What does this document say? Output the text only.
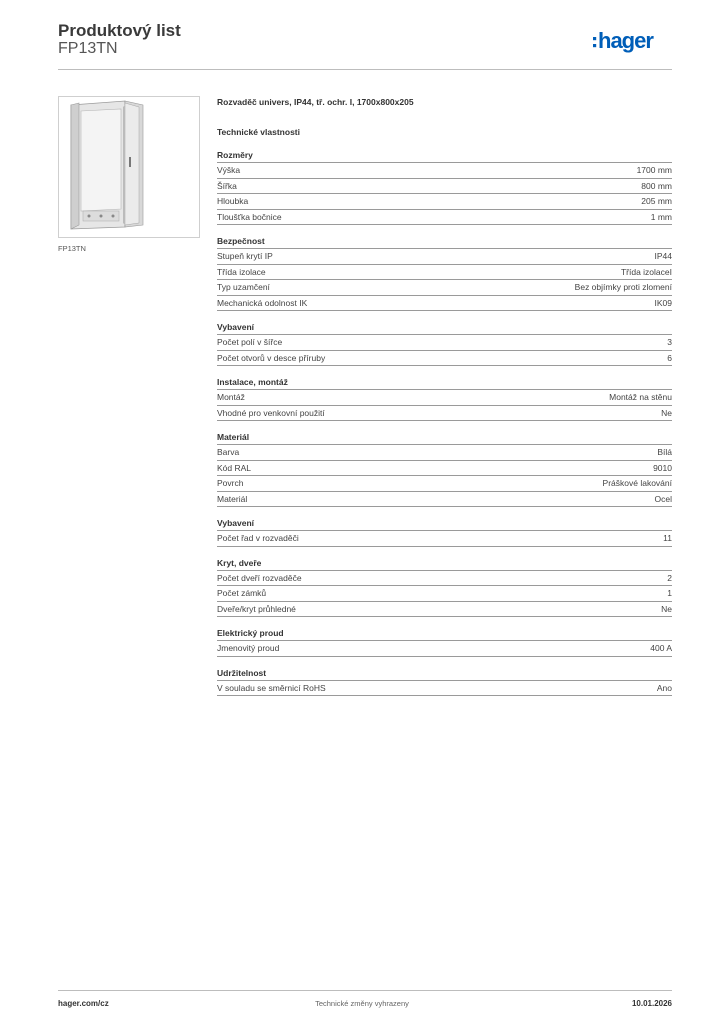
Produktový list
FP13TN	hager
FP13TN
Rozvaděč univers, IP44, tř. ochr. I, 1700x800x205
Technické vlastnosti
Rozměry
Výška	1700 mm
Šířka	800 mm
Hloubka	205 mm
Tloušťka bočnice	1 mm
Bezpečnost
Stupeň krytí IP	IP44
Třída izolace	Třída izolaceI
Typ uzamčení	Bez objímky proti zlomení
Mechanická odolnost IK	IK09
Vybavení
Počet polí v šířce	3
Počet otvorů v desce příruby	6
Instalace, montáž
Montáž	Montáž na stěnu
Vhodné pro venkovní použití	Ne
Materiál
Barva	Bílá
Kód RAL	9010
Povrch	Práškové lakování
Materiál	Ocel
Vybavení
Počet řad v rozvaděči	11
Kryt, dveře
Počet dveří rozvaděče	2
Počet zámků	1
Dveře/kryt průhledné	Ne
Elektrický proud
Jmenovitý proud	400 A
Udržitelnost
V souladu se směrnicí RoHS	Ano
hager.com/cz	Technické změny vyhrazeny	10.01.2026
